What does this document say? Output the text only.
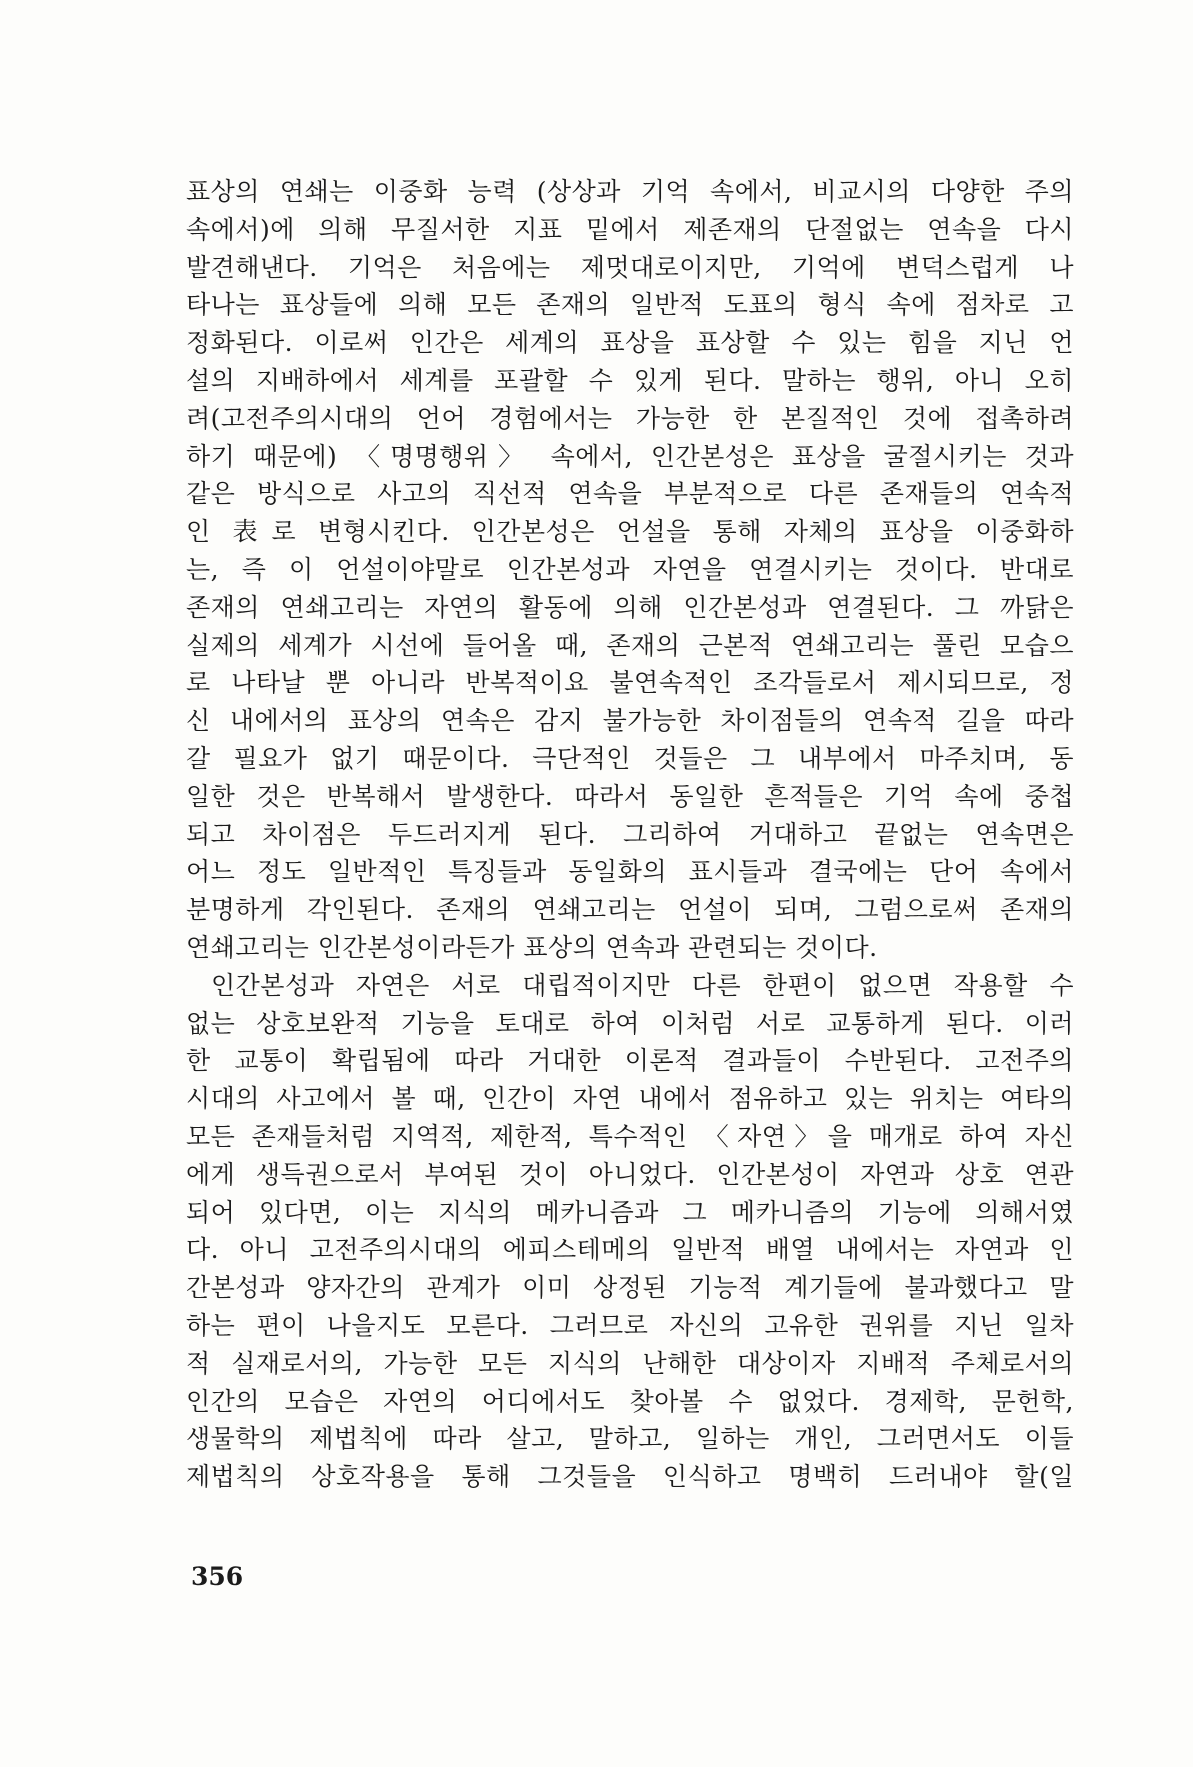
표상의 연쇄는 이중화 능력 (상상과 기억 속에서, 비교시의 다양한 주의
속에서)에 의해 무질서한 지표 밑에서 제존재의 단절없는 연속을 다시
발견해낸다. 기억은 처음에는 제멋대로이지만, 기억에 변덕스럽게 나
타나는 표상들에 의해 모든 존재의 일반적 도표의 형식 속에 점차로 고
정화된다. 이로써 인간은 세계의 표상을 표상할 수 있는 힘을 지닌 언
설의 지배하에서 세계를 포괄할 수 있게 된다. 말하는 행위, 아니 오히
려(고전주의시대의 언어 경험에서는 가능한 한 본질적인 것에 접촉하려
하기 때문에) 〈명명행위〉 속에서, 인간본성은 표상을 굴절시키는 것과
같은 방식으로 사고의 직선적 연속을 부분적으로 다른 존재들의 연속적
인 表로 변형시킨다. 인간본성은 언설을 통해 자체의 표상을 이중화하
는, 즉 이 언설이야말로 인간본성과 자연을 연결시키는 것이다. 반대로
존재의 연쇄고리는 자연의 활동에 의해 인간본성과 연결된다. 그 까닭은
실제의 세계가 시선에 들어올 때, 존재의 근본적 연쇄고리는 풀린 모습으
로 나타날 뿐 아니라 반복적이요 불연속적인 조각들로서 제시되므로, 정
신 내에서의 표상의 연속은 감지 불가능한 차이점들의 연속적 길을 따라
갈 필요가 없기 때문이다. 극단적인 것들은 그 내부에서 마주치며, 동
일한 것은 반복해서 발생한다. 따라서 동일한 흔적들은 기억 속에 중첩
되고 차이점은 두드러지게 된다. 그리하여 거대하고 끝없는 연속면은
어느 정도 일반적인 특징들과 동일화의 표시들과 결국에는 단어 속에서
분명하게 각인된다. 존재의 연쇄고리는 언설이 되며, 그럼으로써 존재의
연쇄고리는 인간본성이라든가 표상의 연속과 관련되는 것이다.
인간본성과 자연은 서로 대립적이지만 다른 한편이 없으면 작용할 수
없는 상호보완적 기능을 토대로 하여 이처럼 서로 교통하게 된다. 이러
한 교통이 확립됨에 따라 거대한 이론적 결과들이 수반된다. 고전주의
시대의 사고에서 볼 때, 인간이 자연 내에서 점유하고 있는 위치는 여타의
모든 존재들처럼 지역적, 제한적, 특수적인 〈자연〉을 매개로 하여 자신
에게 생득권으로서 부여된 것이 아니었다. 인간본성이 자연과 상호 연관
되어 있다면, 이는 지식의 메카니즘과 그 메카니즘의 기능에 의해서였
다. 아니 고전주의시대의 에피스테메의 일반적 배열 내에서는 자연과 인
간본성과 양자간의 관계가 이미 상정된 기능적 계기들에 불과했다고 말
하는 편이 나을지도 모른다. 그러므로 자신의 고유한 권위를 지닌 일차
적 실재로서의, 가능한 모든 지식의 난해한 대상이자 지배적 주체로서의
인간의 모습은 자연의 어디에서도 찾아볼 수 없었다. 경제학, 문헌학,
생물학의 제법칙에 따라 살고, 말하고, 일하는 개인, 그러면서도 이들
제법칙의 상호작용을 통해 그것들을 인식하고 명백히 드러내야 할(일
356
